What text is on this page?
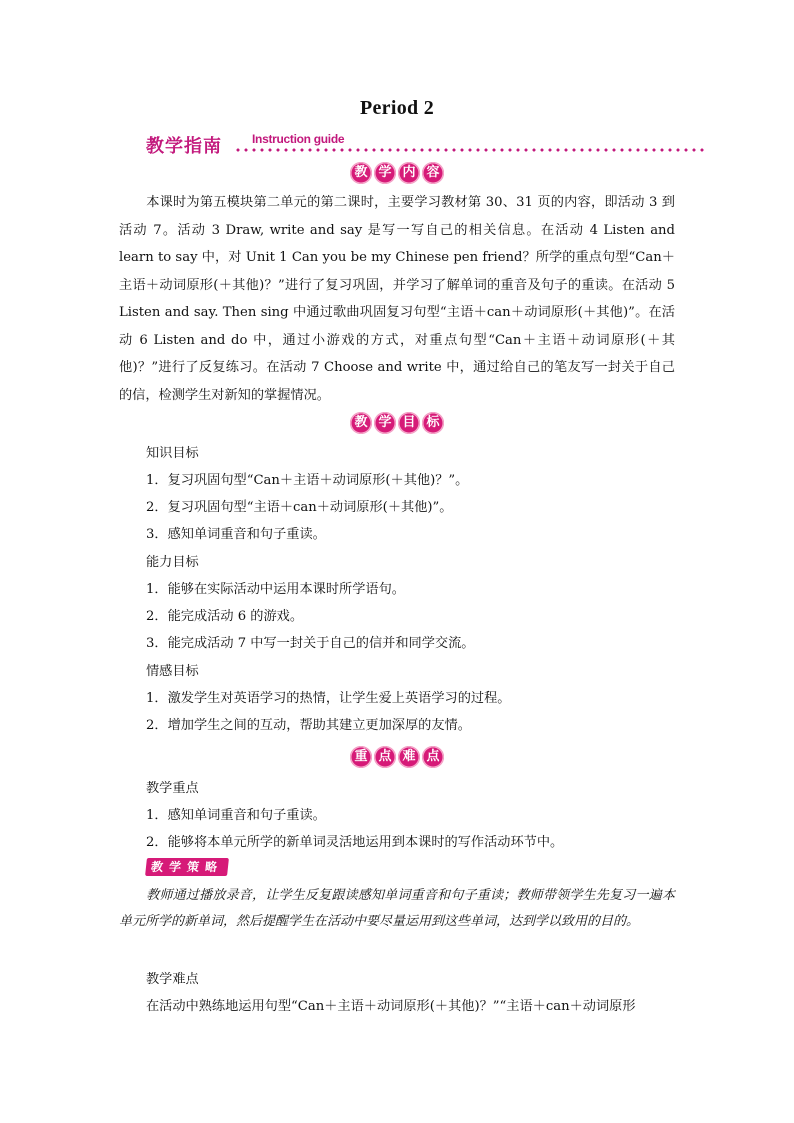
Period 2
教学指南	Instruction guide
教 学 内 容
本课时为第五模块第二单元的第二课时，主要学习教材第 30、31 页的内容，即活动 3 到活动 7。活动 3 Draw, write and say 是写一写自己的相关信息。在活动 4 Listen and learn to say 中，对 Unit 1 Can you be my Chinese pen friend？所学的重点句型“Can＋主语＋动词原形(＋其他)？”进行了复习巩固，并学习了解单词的重音及句子的重读。在活动 5 Listen and say. Then sing 中通过歌曲巩固复习句型“主语＋can＋动词原形(＋其他)”。在活动 6 Listen and do 中，通过小游戏的方式，对重点句型“Can＋主语＋动词原形(＋其他)？”进行了反复练习。在活动 7 Choose and write 中，通过给自己的笔友写一封关于自己的信，检测学生对新知的掌握情况。
教 学 目 标
知识目标
1．复习巩固句型“Can＋主语＋动词原形(＋其他)？”。
2．复习巩固句型“主语＋can＋动词原形(＋其他)”。
3．感知单词重音和句子重读。
能力目标
1．能够在实际活动中运用本课时所学语句。
2．能完成活动 6 的游戏。
3．能完成活动 7 中写一封关于自己的信并和同学交流。
情感目标
1．激发学生对英语学习的热情，让学生爱上英语学习的过程。
2．增加学生之间的互动，帮助其建立更加深厚的友情。
重 点 难 点
教学重点
1．感知单词重音和句子重读。
2．能够将本单元所学的新单词灵活地运用到本课时的写作活动环节中。
教学策略
教师通过播放录音，让学生反复跟读感知单词重音和句子重读；教师带领学生先复习一遍本单元所学的新单词，然后提醒学生在活动中要尽量运用到这些单词，达到学以致用的目的。
教学难点
在活动中熟练地运用句型“Can＋主语＋动词原形(＋其他)？”“主语＋can＋动词原形
